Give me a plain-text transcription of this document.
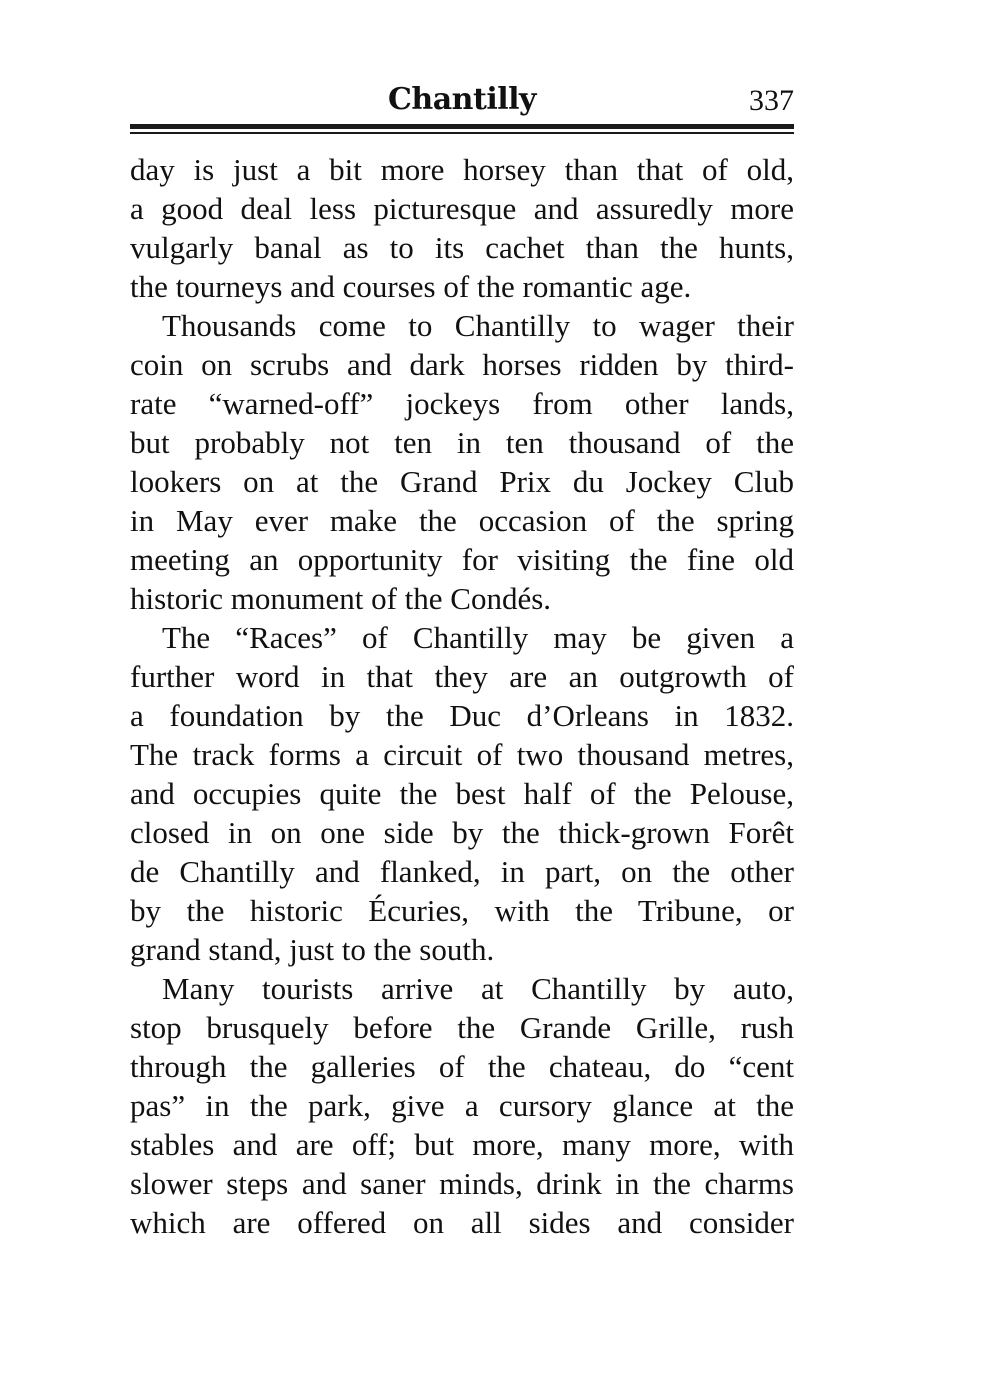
Chantilly	337
day is just a bit more horsey than that of old,
a good deal less picturesque and assuredly more
vulgarly banal as to its cachet than the hunts,
the tourneys and courses of the romantic age.
Thousands come to Chantilly to wager their
coin on scrubs and dark horses ridden by third-
rate “warned-off” jockeys from other lands,
but probably not ten in ten thousand of the
lookers on at the Grand Prix du Jockey Club
in May ever make the occasion of the spring
meeting an opportunity for visiting the fine old
historic monument of the Condés.
The “Races” of Chantilly may be given a
further word in that they are an outgrowth of
a foundation by the Duc d’Orleans in 1832.
The track forms a circuit of two thousand metres,
and occupies quite the best half of the Pelouse,
closed in on one side by the thick-grown Forêt
de Chantilly and flanked, in part, on the other
by the historic Écuries, with the Tribune, or
grand stand, just to the south.
Many tourists arrive at Chantilly by auto,
stop brusquely before the Grande Grille, rush
through the galleries of the chateau, do “cent
pas” in the park, give a cursory glance at the
stables and are off; but more, many more, with
slower steps and saner minds, drink in the charms
which are offered on all sides and consider
